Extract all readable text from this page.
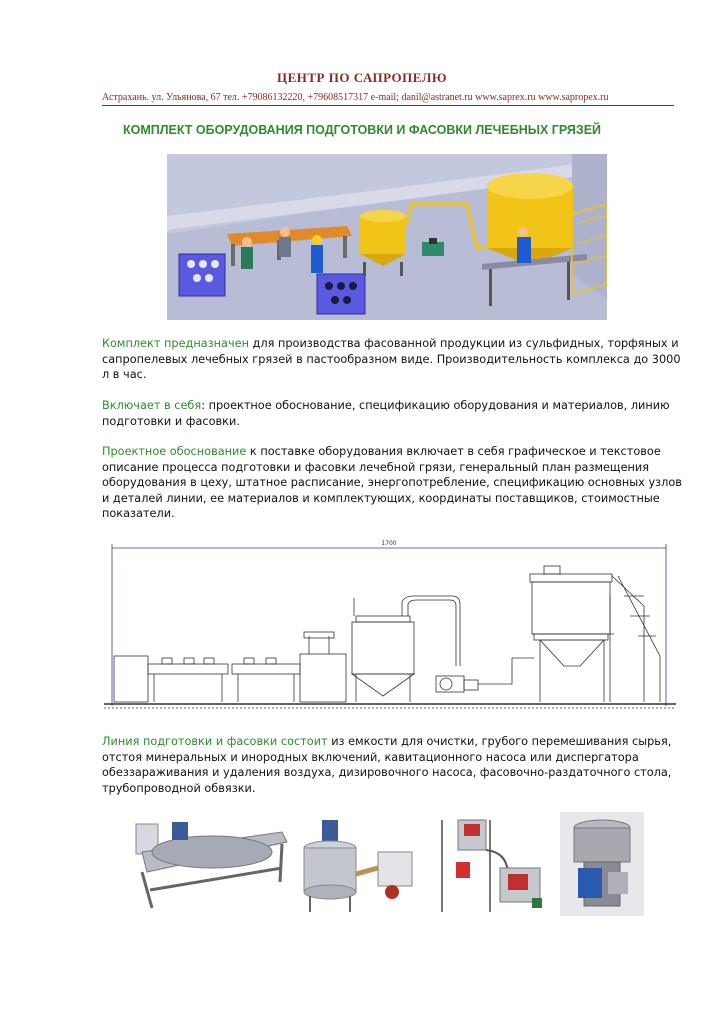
ЦЕНТР ПО САПРОПЕЛЮ
Астрахань. ул. Ульянова, 67 тел. +79086132220, +79608517317 e-mail; danil@astranet.ru www.saprex.ru www.sapropex.ru
КОМПЛЕКТ ОБОРУДОВАНИЯ ПОДГОТОВКИ И ФАСОВКИ ЛЕЧЕБНЫХ ГРЯЗЕЙ

Комплект предназначен для производства фасованной продукции из сульфидных, торфяных и сапропелевых лечебных грязей в пастообразном виде. Производительность комплекса до 3000 л в час.

Включает в себя: проектное обоснование, спецификацию оборудования и материалов, линию подготовки и фасовки.

Проектное обоснование к поставке оборудования включает в себя графическое и текстовое описание процесса подготовки и фасовки лечебной грязи, генеральный план размещения оборудования в цеху, штатное расписание, энергопотребление, спецификацию основных узлов и деталей линии, ее материалов и комплектующих, координаты поставщиков, стоимостные показатели.

1700

Линия подготовки и фасовки состоит из емкости для очистки, грубого перемешивания сырья, отстоя минеральных и инородных включений, кавитационного насоса или диспергатора обеззараживания и удаления воздуха, дизировочного насоса, фасовочно-раздаточного стола, трубопроводной обвязки.
